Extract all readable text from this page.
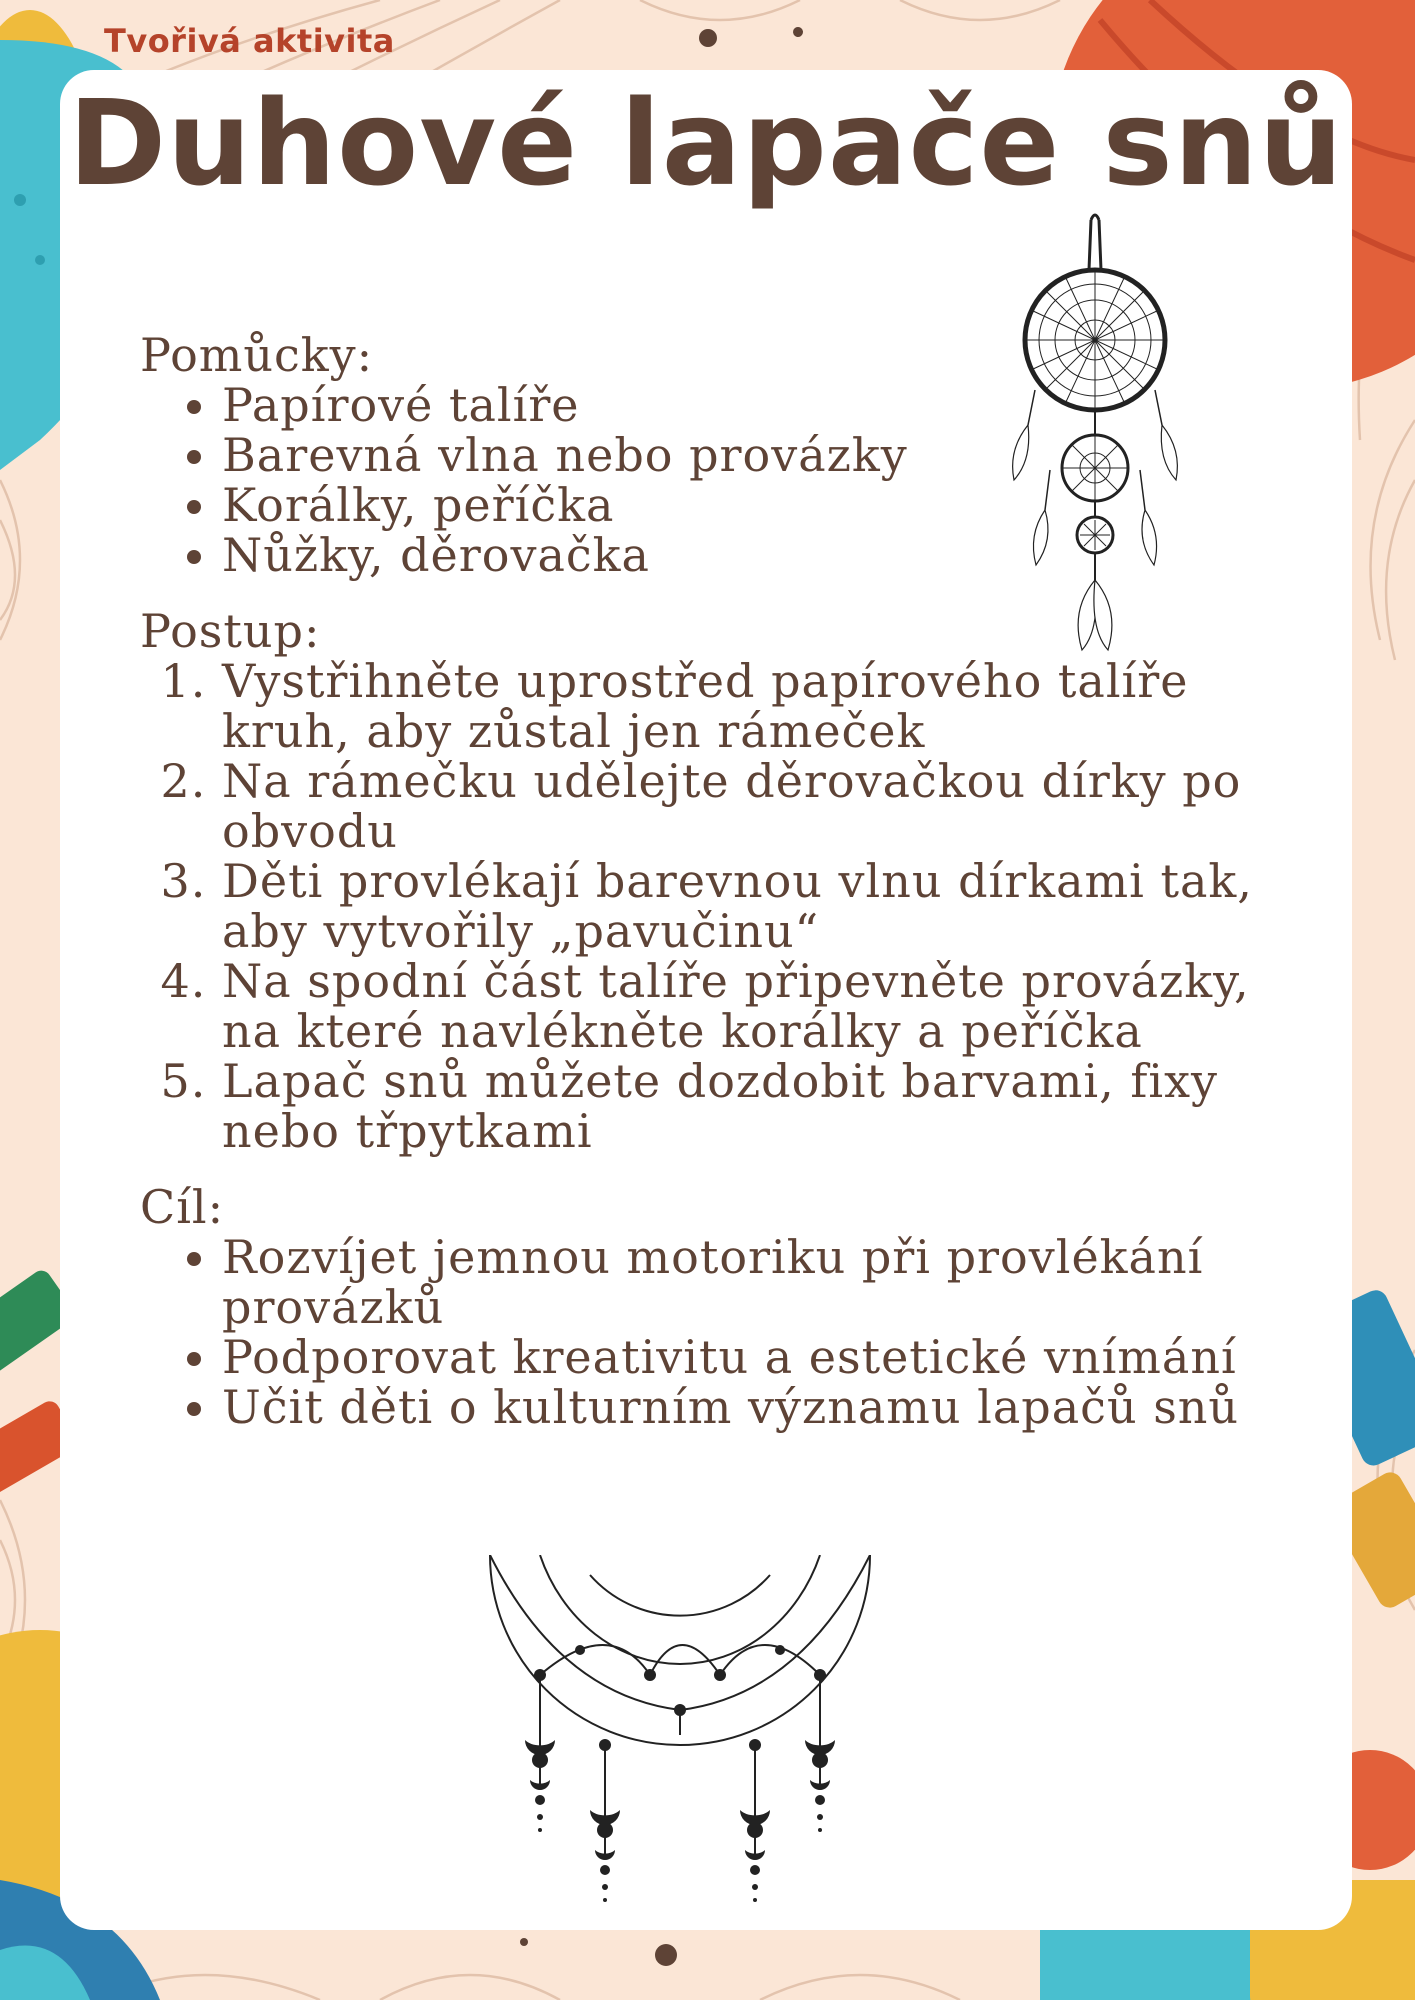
Tvořivá aktivita
Duhové lapače snů
Pomůcky:
• Papírové talíře
• Barevná vlna nebo provázky
• Korálky, peříčka
• Nůžky, děrovačka
Postup:
1. Vystřihněte uprostřed papírového talíře kruh, aby zůstal jen rámeček
2. Na rámečku udělejte děrovačkou dírky po obvodu
3. Děti provlékají barevnou vlnu dírkami tak, aby vytvořily „pavučinu“
4. Na spodní část talíře připevněte provázky, na které navlékněte korálky a peříčka
5. Lapač snů můžete dozdobit barvami, fixy nebo třpytkami
Cíl:
• Rozvíjet jemnou motoriku při provlékání provázků
• Podporovat kreativitu a estetické vnímání
• Učit děti o kulturním významu lapačů snů
